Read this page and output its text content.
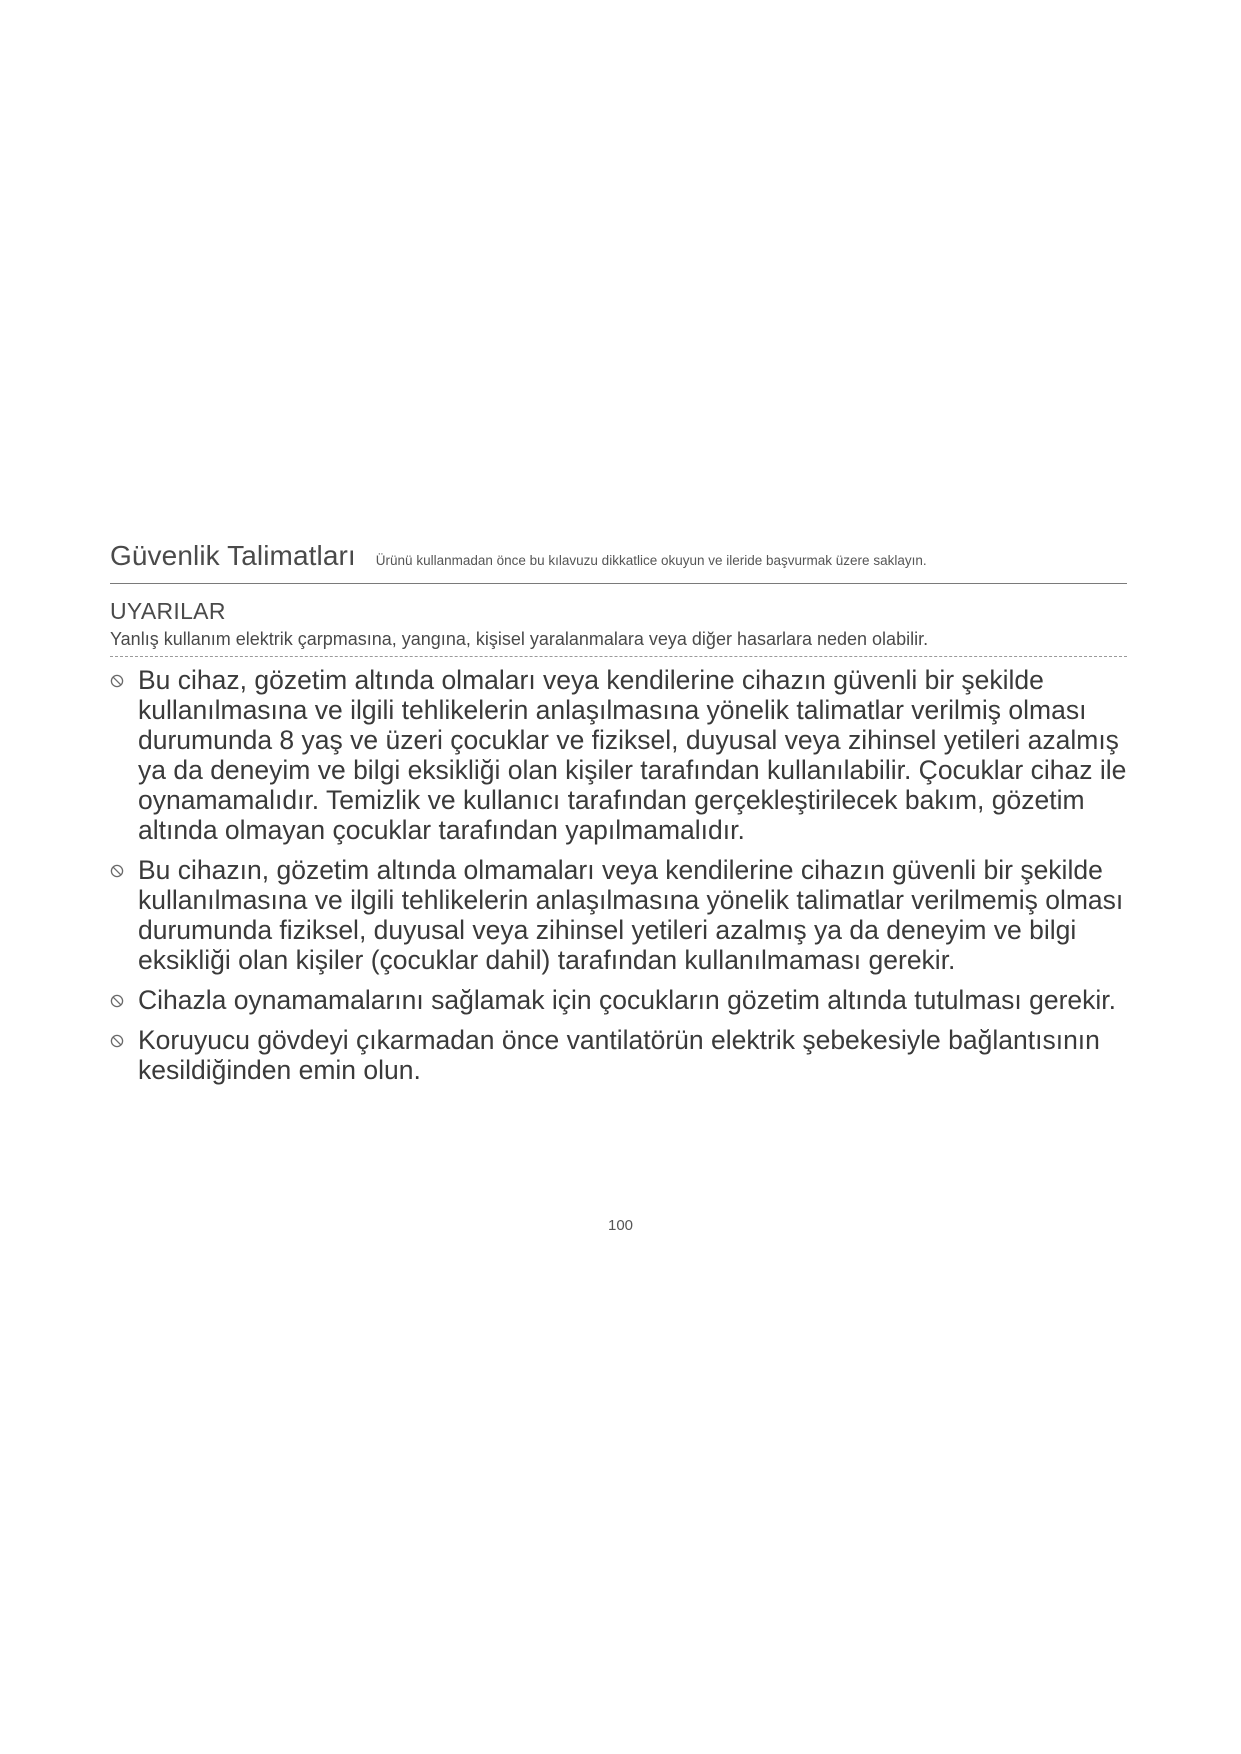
Güvenlik Talimatları Ürünü kullanmadan önce bu kılavuzu dikkatlice okuyun ve ileride başvurmak üzere saklayın.
UYARILAR
Yanlış kullanım elektrik çarpmasına, yangına, kişisel yaralanmalara veya diğer hasarlara neden olabilir.
Bu cihaz, gözetim altında olmaları veya kendilerine cihazın güvenli bir şekilde kullanılmasına ve ilgili tehlikelerin anlaşılmasına yönelik talimatlar verilmiş olması durumunda 8 yaş ve üzeri çocuklar ve fiziksel, duyusal veya zihinsel yetileri azalmış ya da deneyim ve bilgi eksikliği olan kişiler tarafından kullanılabilir. Çocuklar cihaz ile oynamamalıdır. Temizlik ve kullanıcı tarafından gerçekleştirilecek bakım, gözetim altında olmayan çocuklar tarafından yapılmamalıdır.
Bu cihazın, gözetim altında olmamaları veya kendilerine cihazın güvenli bir şekilde kullanılmasına ve ilgili tehlikelerin anlaşılmasına yönelik talimatlar verilmemiş olması durumunda fiziksel, duyusal veya zihinsel yetileri azalmış ya da deneyim ve bilgi eksikliği olan kişiler (çocuklar dahil) tarafından kullanılmaması gerekir.
Cihazla oynamamalarını sağlamak için çocukların gözetim altında tutulması gerekir.
Koruyucu gövdeyi çıkarmadan önce vantilatörün elektrik şebekesiyle bağlantısının kesildiğinden emin olun.
100
